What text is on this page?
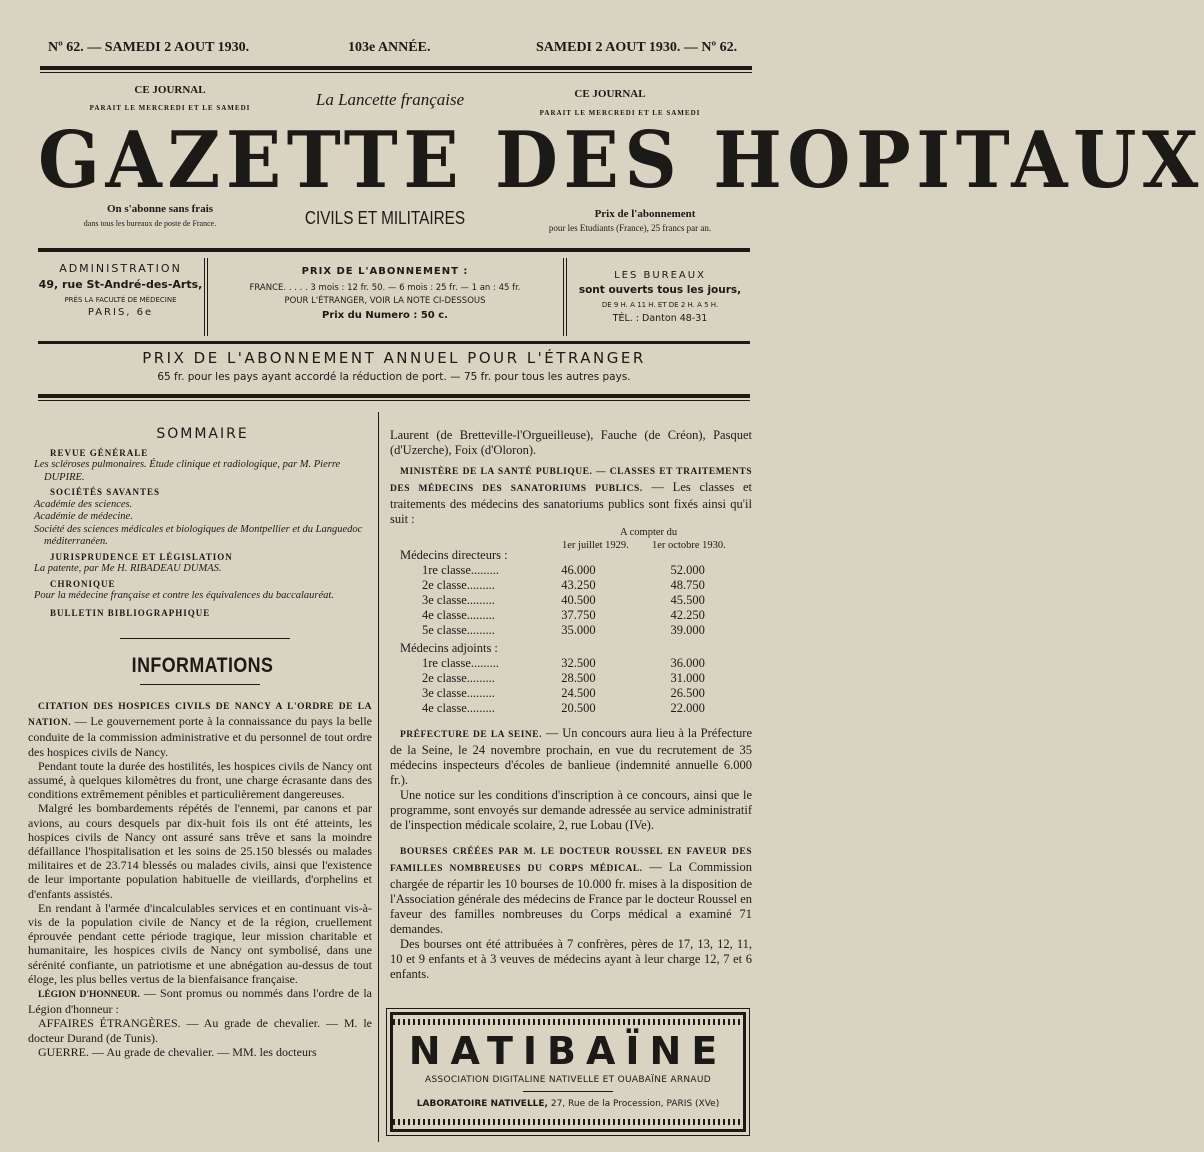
Nº 62. — SAMEDI 2 AOUT 1930.	103e ANNÉE.	SAMEDI 2 AOUT 1930. — Nº 62.
CE JOURNAL
PARAIT LE MERCREDI ET LE SAMEDI	La Lancette française	CE JOURNAL
PARAIT LE MERCREDI ET LE SAMEDI
GAZETTE DES HOPITAUX
On s'abonne sans frais
dans tous les bureaux de poste de France.	CIVILS ET MILITAIRES	Prix de l'abonnement
pour les Etudiants (France), 25 francs par an.
ADMINISTRATION
49, rue St-André-des-Arts,
PRÈS LA FACULTÉ DE MÉDECINE
PARIS, 6e
PRIX DE L'ABONNEMENT :
FRANCE. . . . . 3 mois : 12 fr. 50. — 6 mois : 25 fr. — 1 an : 45 fr.
POUR L'ÉTRANGER, VOIR LA NOTE CI-DESSOUS
Prix du Numero : 50 c.
LES BUREAUX
sont ouverts tous les jours,
DE 9 H. A 11 H. ET DE 2 H. A 5 H.
TÉL. : Danton 48-31
PRIX DE L'ABONNEMENT ANNUEL POUR L'ÉTRANGER
65 fr. pour les pays ayant accordé la réduction de port. — 75 fr. pour tous les autres pays.
SOMMAIRE
REVUE GÉNÉRALE
Les scléroses pulmonaires. Étude clinique et radiologique, par M. Pierre DUPIRE.
SOCIÉTÉS SAVANTES
Académie des sciences.
Académie de médecine.
Société des sciences médicales et biologiques de Montpellier et du Languedoc méditerranéen.
JURISPRUDENCE ET LÉGISLATION
La patente, par Me H. RIBADEAU DUMAS.
CHRONIQUE
Pour la médecine française et contre les équivalences du baccalauréat.
BULLETIN BIBLIOGRAPHIQUE
INFORMATIONS

CITATION DES HOSPICES CIVILS DE NANCY A L'ORDRE DE LA NATION. — Le gouvernement porte à la connaissance du pays la belle conduite de la commission administrative et du personnel de tout ordre des hospices civils de Nancy.

Pendant toute la durée des hostilités, les hospices civils de Nancy ont assumé, à quelques kilomètres du front, une charge écrasante dans des conditions extrêmement pénibles et particulièrement dangereuses.

Malgré les bombardements répétés de l'ennemi, par canons et par avions, au cours desquels par dix-huit fois ils ont été atteints, les hospices civils de Nancy ont assuré sans trêve et sans la moindre défaillance l'hospitalisation et les soins de 25.150 blessés ou malades militaires et de 23.714 blessés ou malades civils, ainsi que l'existence de leur importante population habituelle de vieillards, d'orphelins et d'enfants assistés.

En rendant à l'armée d'incalculables services et en continuant vis-à-vis de la population civile de Nancy et de la région, cruellement éprouvée pendant cette période tragique, leur mission charitable et humanitaire, les hospices civils de Nancy ont symbolisé, dans une sérénité confiante, un patriotisme et une abnégation au-dessus de tout éloge, les plus belles vertus de la bienfaisance française.

LÉGION D'HONNEUR. — Sont promus ou nommés dans l'ordre de la Légion d'honneur :

AFFAIRES ÉTRANGÈRES. — Au grade de chevalier. — M. le docteur Durand (de Tunis).

GUERRE. — Au grade de chevalier. — MM. les docteurs

Laurent (de Bretteville-l'Orgueilleuse), Fauche (de Créon), Pasquet (d'Uzerche), Foix (d'Oloron).

MINISTÈRE DE LA SANTÉ PUBLIQUE. — CLASSES ET TRAITEMENTS DES MÉDECINS DES SANATORIUMS PUBLICS. — Les classes et traitements des médecins des sanatoriums publics sont fixés ainsi qu'il suit :

A compter du
1er juillet 1929. 1er octobre 1930.
Médecins directeurs :
1re classe.........	46.000	52.000
2e classe.........	43.250	48.750
3e classe.........	40.500	45.500
4e classe.........	37.750	42.250
5e classe.........	35.000	39.000
Médecins adjoints :
1re classe.........	32.500	36.000
2e classe.........	28.500	31.000
3e classe.........	24.500	26.500
4e classe.........	20.500	22.000

PRÉFECTURE DE LA SEINE. — Un concours aura lieu à la Préfecture de la Seine, le 24 novembre prochain, en vue du recrutement de 35 médecins inspecteurs d'écoles de banlieue (indemnité annuelle 6.000 fr.).

Une notice sur les conditions d'inscription à ce concours, ainsi que le programme, sont envoyés sur demande adressée au service administratif de l'inspection médicale scolaire, 2, rue Lobau (IVe).

BOURSES CRÉÉES PAR M. LE DOCTEUR ROUSSEL EN FAVEUR DES FAMILLES NOMBREUSES DU CORPS MÉDICAL. — La Commission chargée de répartir les 10 bourses de 10.000 fr. mises à la disposition de l'Association générale des médecins de France par le docteur Roussel en faveur des familles nombreuses du Corps médical a examiné 71 demandes.

Des bourses ont été attribuées à 7 confrères, pères de 17, 13, 12, 11, 10 et 9 enfants et à 3 veuves de médecins ayant à leur charge 12, 7 et 6 enfants.

NATIBAÏNE
ASSOCIATION DIGITALINE NATIVELLE ET OUABAÏNE ARNAUD
LABORATOIRE NATIVELLE, 27, Rue de la Procession, PARIS (XVe)
